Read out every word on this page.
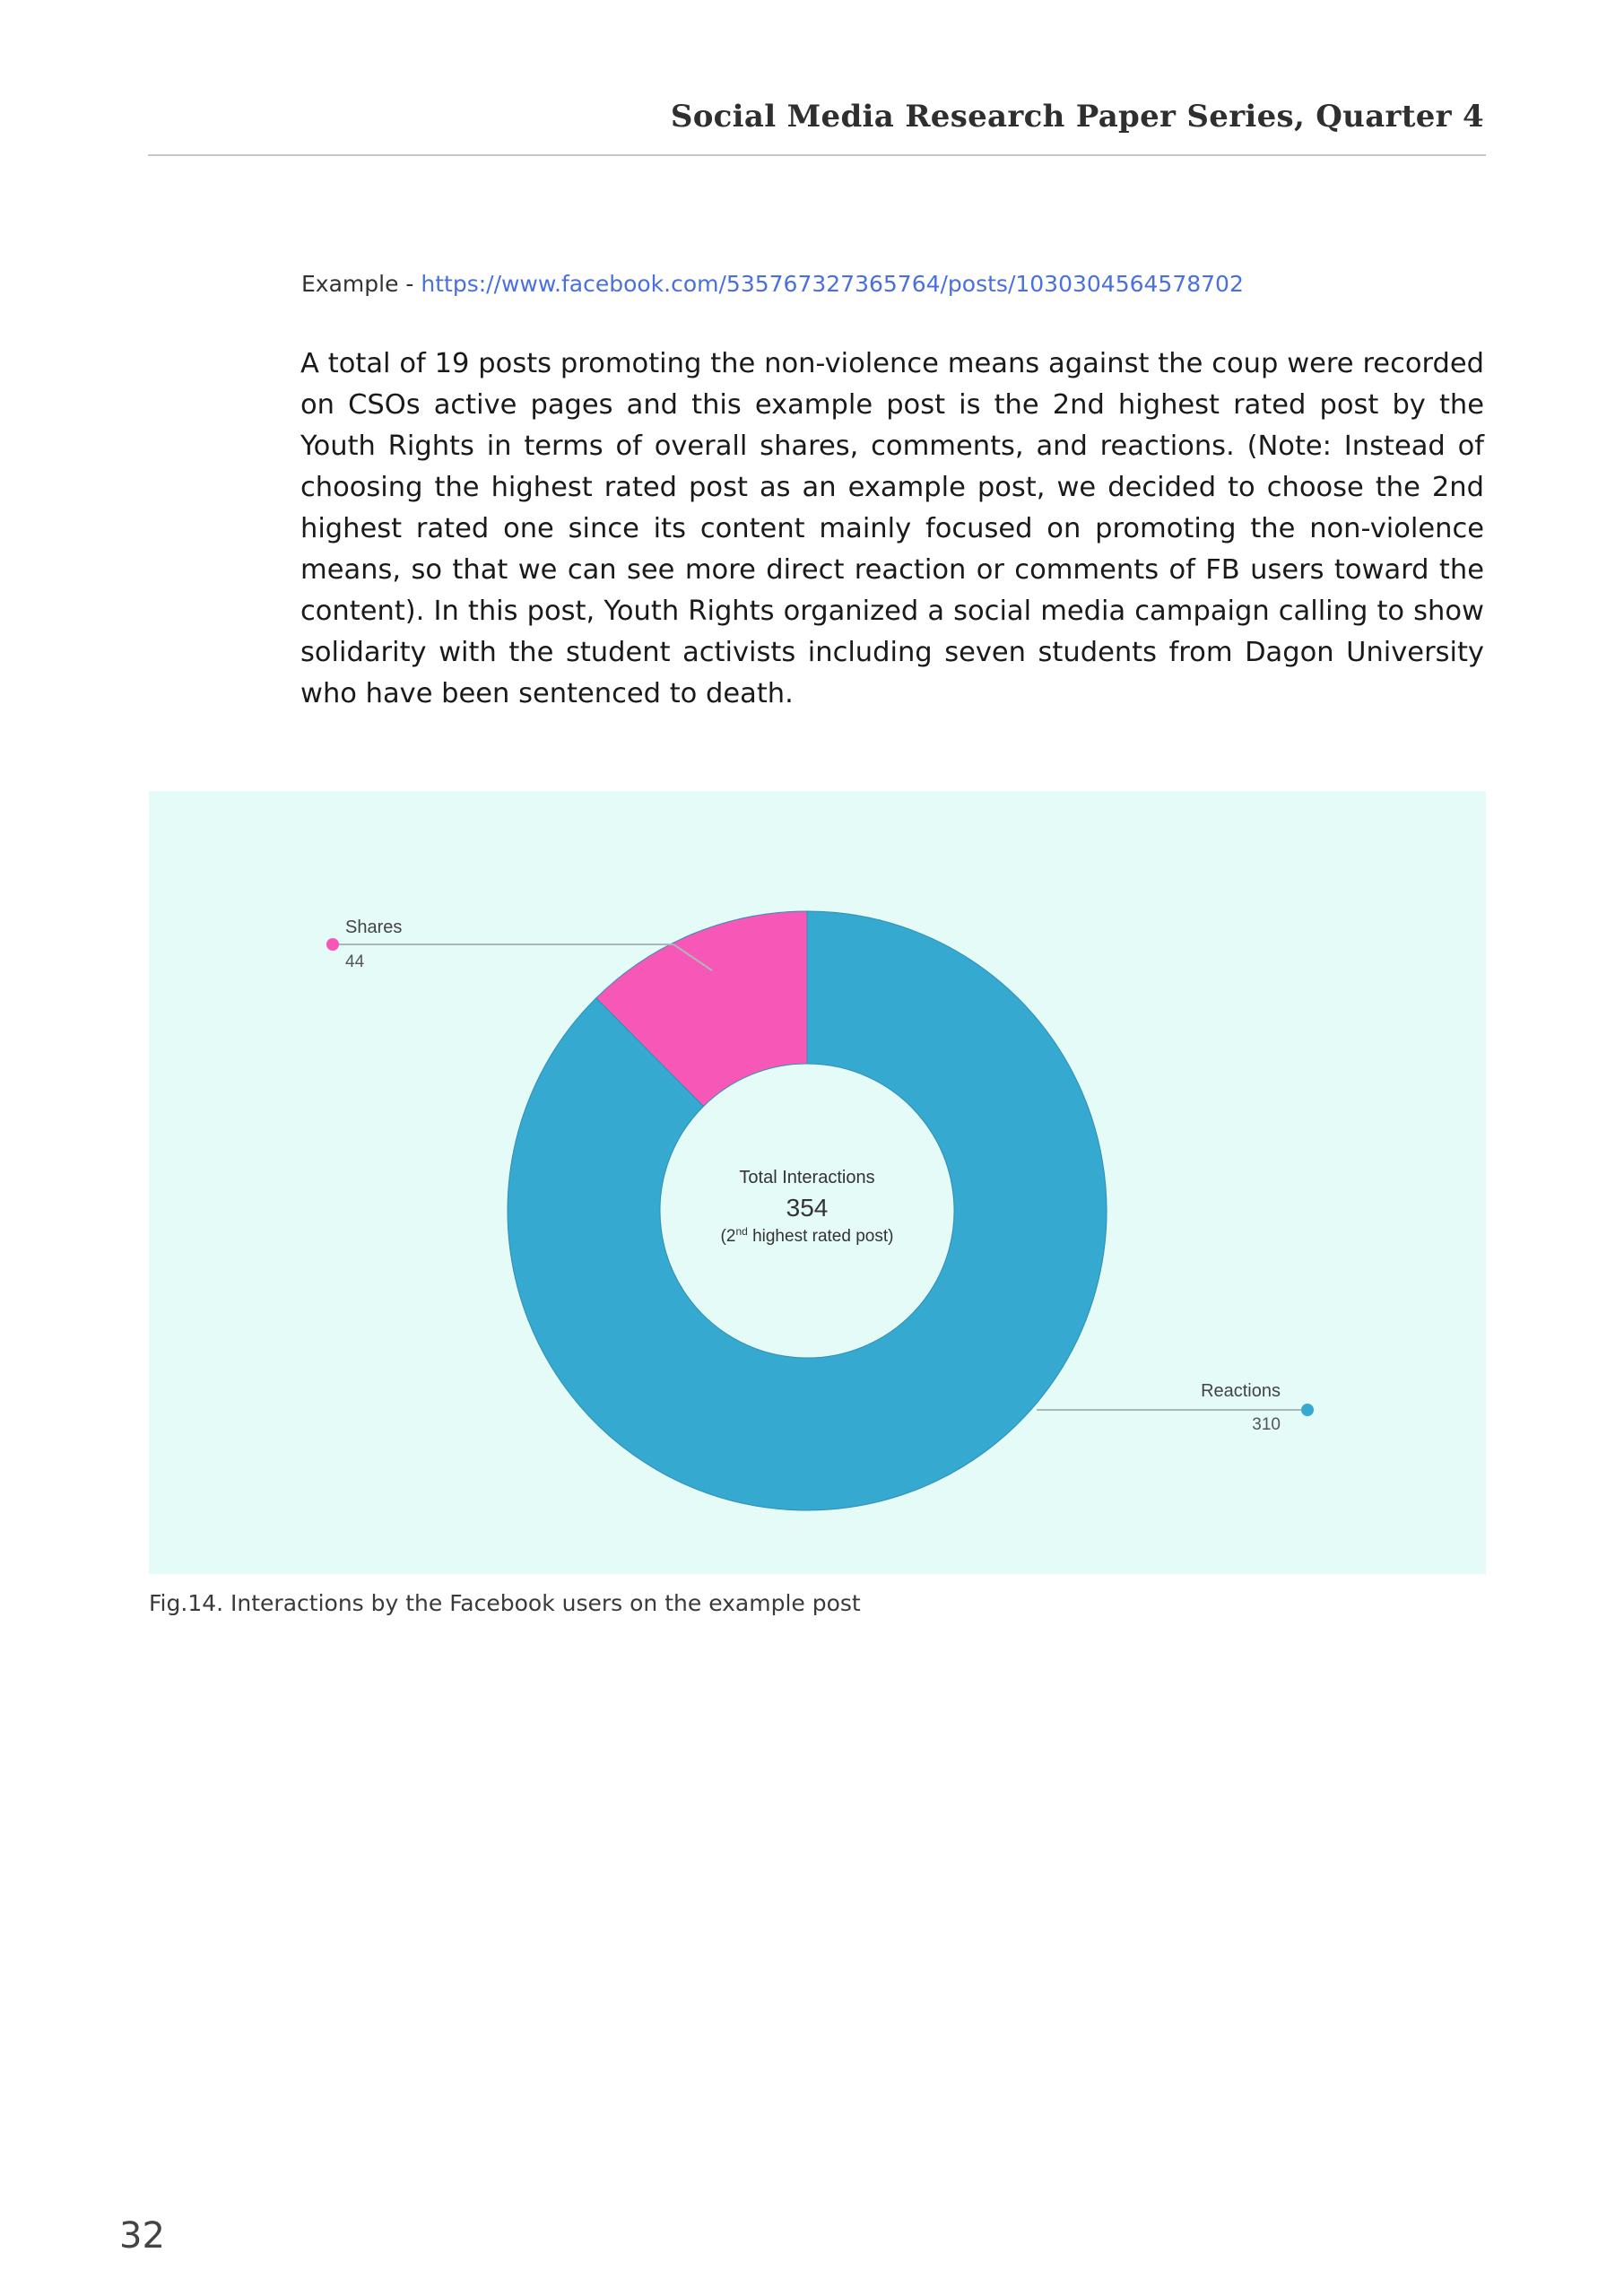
Social Media Research Paper Series, Quarter 4
Example - https://www.facebook.com/535767327365764/posts/1030304564578702

A total of 19 posts promoting the non-violence means against the coup were recorded on CSOs active pages and this example post is the 2nd highest rated post by the Youth Rights in terms of overall shares, comments, and reactions. (Note: Instead of choosing the highest rated post as an example post, we decided to choose the 2nd highest rated one since its content mainly focused on promoting the non-violence means, so that we can see more direct reaction or comments of FB users toward the content). In this post, Youth Rights organized a social media campaign calling to show solidarity with the student activists including seven students from Dagon University who have been sentenced to death.

Reactions
310
Shares
44
Total Interactions
354
(2nd highest rated post)
Fig.14. Interactions by the Facebook users on the example post
32
